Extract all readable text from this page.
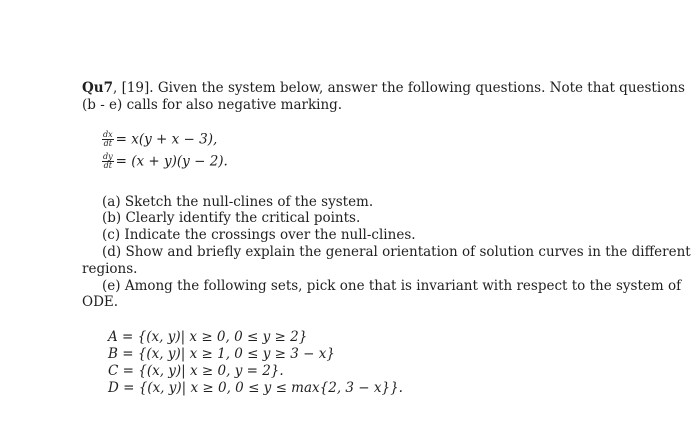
Qu7, [19]. Given the system below, answer the following questions. Note that questions
(b - e) calls for also negative marking.
$\frac{dx}{dt} = x(y + x - 3)$,
$\frac{dy}{dt} = (x + y)(y - 2)$.
(a) Sketch the null-clines of the system.
(b) Clearly identify the critical points.
(c) Indicate the crossings over the null-clines.
(d) Show and briefly explain the general orientation of solution curves in the different
regions.
(e) Among the following sets, pick one that is invariant with respect to the system of
ODE.
A = {(x, y)| x ≥ 0, 0 ≤ y ≥ 2}
B = {(x, y)| x ≥ 1, 0 ≤ y ≥ 3 − x}
C = {(x, y)| x ≥ 0, y = 2}.
D = {(x, y)| x ≥ 0, 0 ≤ y ≤ max{2, 3 − x}}.
